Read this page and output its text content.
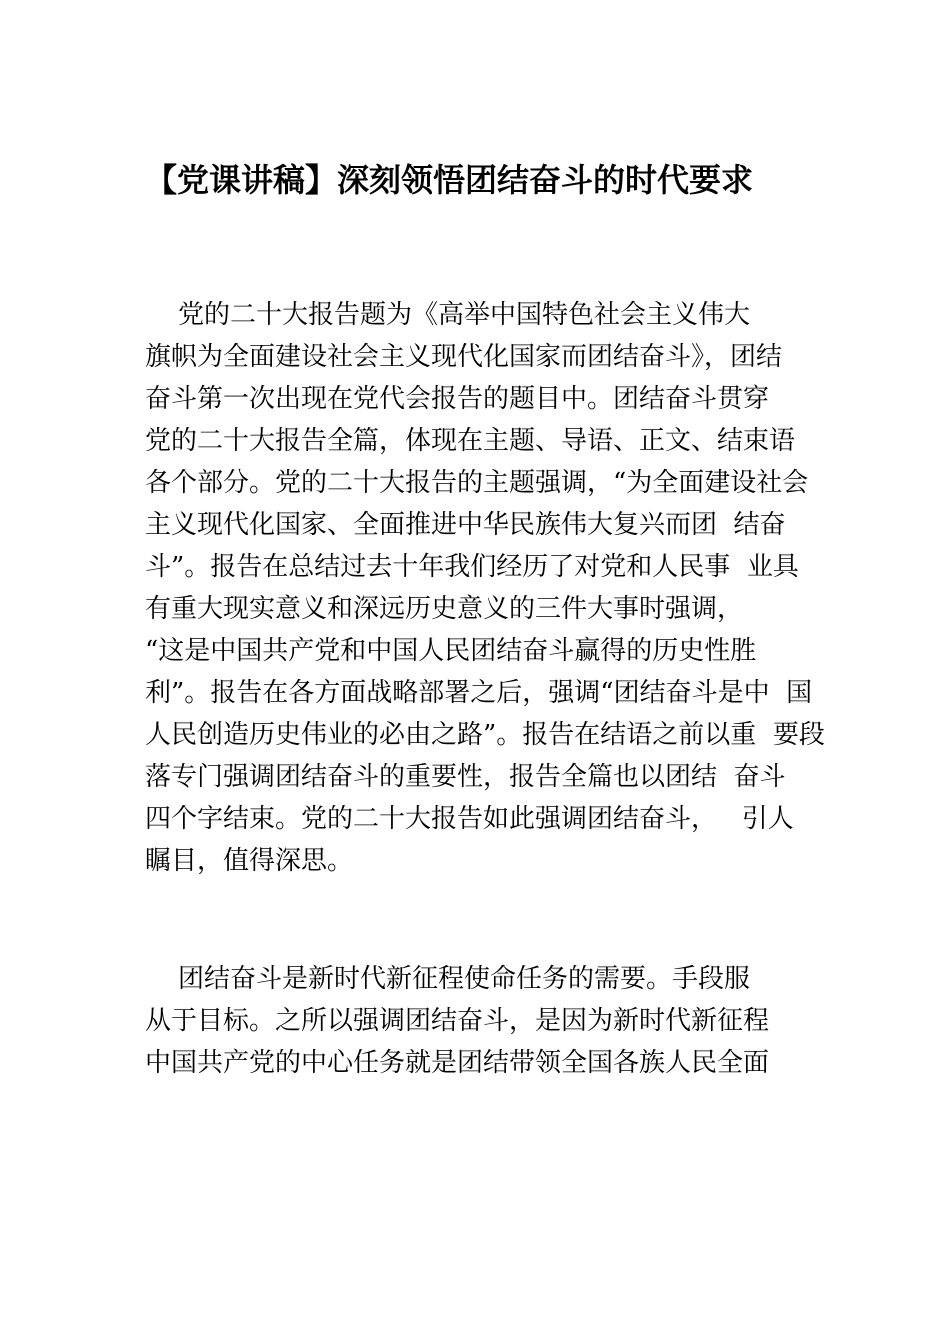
【党课讲稿】深刻领悟团结奋斗的时代要求

党的二十大报告题为《高举中国特色社会主义伟大
旗帜为全面建设社会主义现代化国家而团结奋斗》，团结
奋斗第一次出现在党代会报告的题目中。团结奋斗贯穿
党的二十大报告全篇，体现在主题、导语、正文、结束语
各个部分。党的二十大报告的主题强调，“为全面建设社会
主义现代化国家、全面推进中华民族伟大复兴而团  结奋
斗”。报告在总结过去十年我们经历了对党和人民事  业具
有重大现实意义和深远历史意义的三件大事时强调，
“这是中国共产党和中国人民团结奋斗赢得的历史性胜
利”。报告在各方面战略部署之后，强调“团结奋斗是中  国
人民创造历史伟业的必由之路”。报告在结语之前以重  要段
落专门强调团结奋斗的重要性，报告全篇也以团结  奋斗
四个字结束。党的二十大报告如此强调团结奋斗，   引人
瞩目，值得深思。

团结奋斗是新时代新征程使命任务的需要。手段服
从于目标。之所以强调团结奋斗，是因为新时代新征程
中国共产党的中心任务就是团结带领全国各族人民全面
